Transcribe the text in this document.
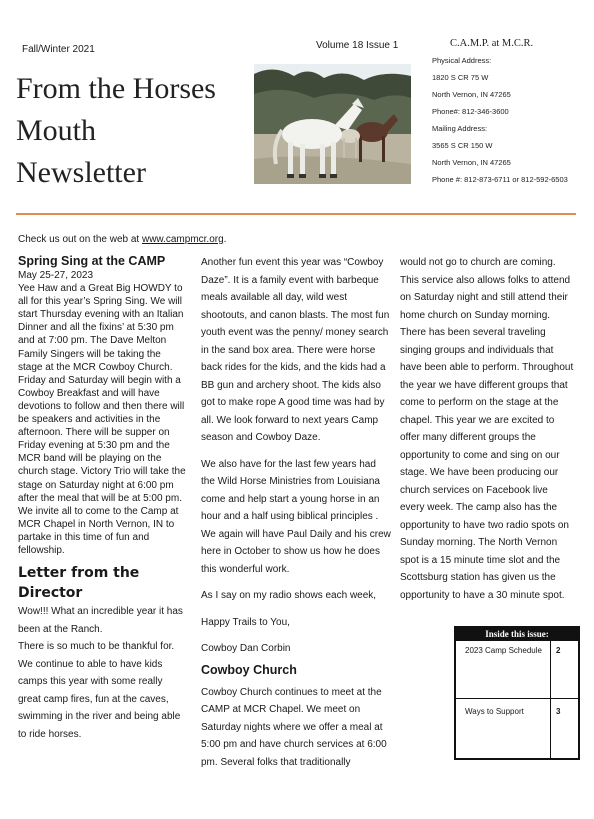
Fall/Winter 2021	Volume 18 Issue 1
From the Horses
Mouth
Newsletter
C.A.M.P. at M.C.R.
Physical Address:
1820 S CR 75 W
North Vernon, IN 47265
Phone#: 812-346-3600
Mailing Address:
3565 S CR 150 W
North Vernon, IN 47265
Phone #: 812-873-6711 or 812-592-6503
Check us out on the web at www.campmcr.org.
Spring Sing at the CAMP

May 25-27, 2023

Yee Haw and a Great Big HOWDY to all for this year’s Spring Sing. We will start Thursday evening with an Italian Dinner and all the fixins’ at 5:30 pm and at 7:00 pm. The Dave Melton Family Singers will be taking the stage at the MCR Cowboy Church. Friday and Saturday will begin with a Cowboy Breakfast and will have devotions to follow and then there will be speakers and activities in the afternoon. There will be supper on Friday evening at 5:30 pm and the MCR band will be playing on the church stage. Victory Trio will take the stage on Saturday night at 6:00 pm after the meal that will be at 5:00 pm. We invite all to come to the Camp at MCR Chapel in North Vernon, IN to partake in this time of fun and fellowship.

Letter from the Director

Wow!!! What an incredible year it has been at the Ranch.

There is so much to be thankful for. We continue to able to have kids camps this year with some really great camp fires, fun at the caves, swimming in the river and being able to ride horses.

Another fun event this year was “Cowboy Daze”. It is a family event with barbeque meals available all day, wild west shootouts, and canon blasts. The most fun youth event was the penny/ money search in the sand box area. There were horse back rides for the kids, and the kids had a BB gun and archery shoot. The kids also got to make rope A good time was had by all. We look forward to next years Camp season and Cowboy Daze.

We also have for the last few years had the Wild Horse Ministries from Louisiana come and help start a young horse in an hour and a half using biblical principles . We again will have Paul Daily and his crew here in October to show us how he does this wonderful work.

As I say on my radio shows each week,

Happy Trails to You,

Cowboy Dan Corbin

Cowboy Church

Cowboy Church continues to meet at the CAMP at MCR Chapel. We meet on Saturday nights where we offer a meal at 5:00 pm and have church services at 6:00 pm. Several folks that traditionally

would not go to church are coming. This service also allows folks to attend on Saturday night and still attend their home church on Sunday morning. There has been several traveling singing groups and individuals that have been able to perform. Throughout the year we have different groups that come to perform on the stage at the chapel. This year we are excited to offer many different groups the opportunity to come and sing on our stage. We have been producing our church services on Facebook live every week. The camp also has the opportunity to have two radio spots on Sunday morning. The North Vernon spot is a 15 minute time slot and the Scottsburg station has given us the opportunity to have a 30 minute spot.

Inside this issue:
2023 Camp Schedule 2
Ways to Support	3
